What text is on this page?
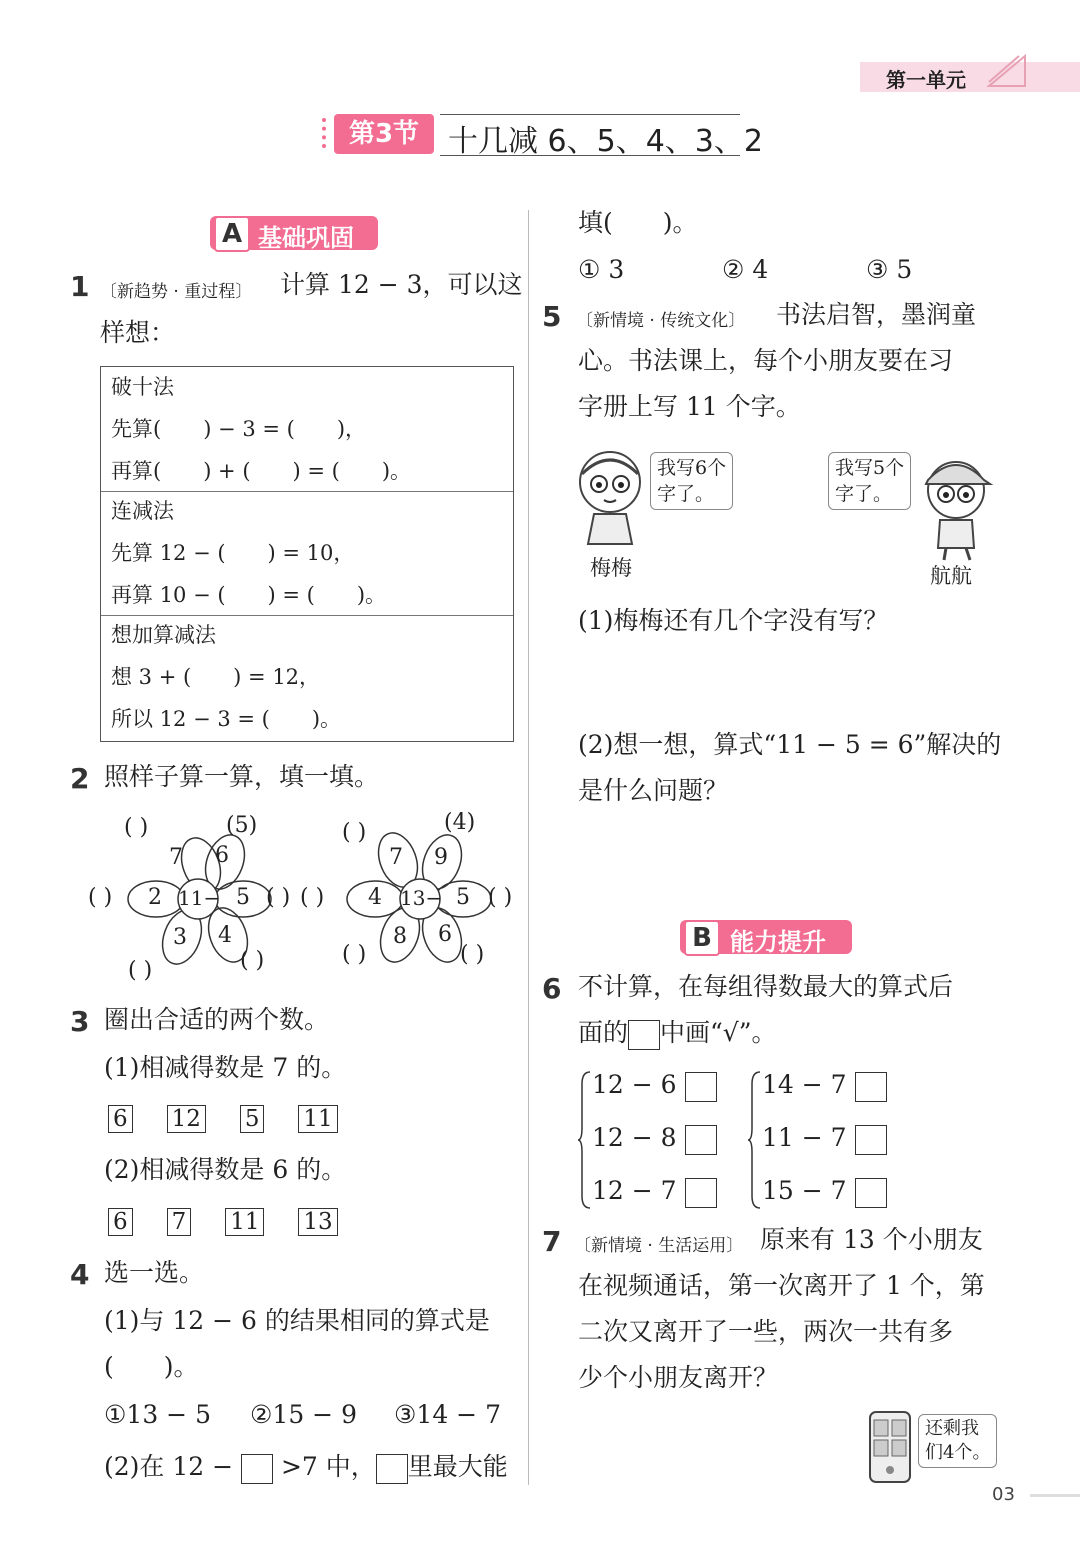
第一单元
第3节 十几减 6、5、4、3、2
A 基础巩固
1 〔新趋势 · 重过程〕 计算 12 − 3，可以这
样想：
破十法
先算(　　) − 3 = (　　)，
再算(　　) + (　　) = (　　)。
连减法
先算 12 − (　　) = 10，
再算 10 − (　　) = (　　)。
想加算减法
想 3 + (　　) = 12，
所以 12 − 3 = (　　)。
2 照样子算一算，填一填。
7 6
5
4
3
2 11−
( )	(5)
( )
( )
( )
( )
7 9
5
6
8
4 13−
( )	(4)
( )
( )
( )
( )
3 圈出合适的两个数。
(1)相减得数是 7 的。
6 12 5 11
(2)相减得数是 6 的。
6 7 11 13
4 选一选。
(1)与 12 − 6 的结果相同的算式是
(　　)。
①13 − 5 ②15 − 9 ③14 − 7
(2)在 12 −  >7 中， 里最大能
填(　　)。
① 3	② 4	③ 5
5 〔新情境 · 传统文化〕 书法启智，墨润童
心。书法课上，每个小朋友要在习
字册上写 11 个字。
我写6个
字了。
梅梅
我写5个
字了。
航航
(1)梅梅还有几个字没有写？
(2)想一想，算式“11 − 5 = 6”解决的
是什么问题？
B 能力提升
6 不计算，在每组得数最大的算式后
面的 中画“√”。
12 − 6
12 − 8
12 − 7
14 − 7
11 − 7
15 − 7
7 〔新情境 · 生活运用〕 原来有 13 个小朋友
在视频通话，第一次离开了 1 个，第
二次又离开了一些，两次一共有多
少个小朋友离开？
还剩我
们4个。
03
